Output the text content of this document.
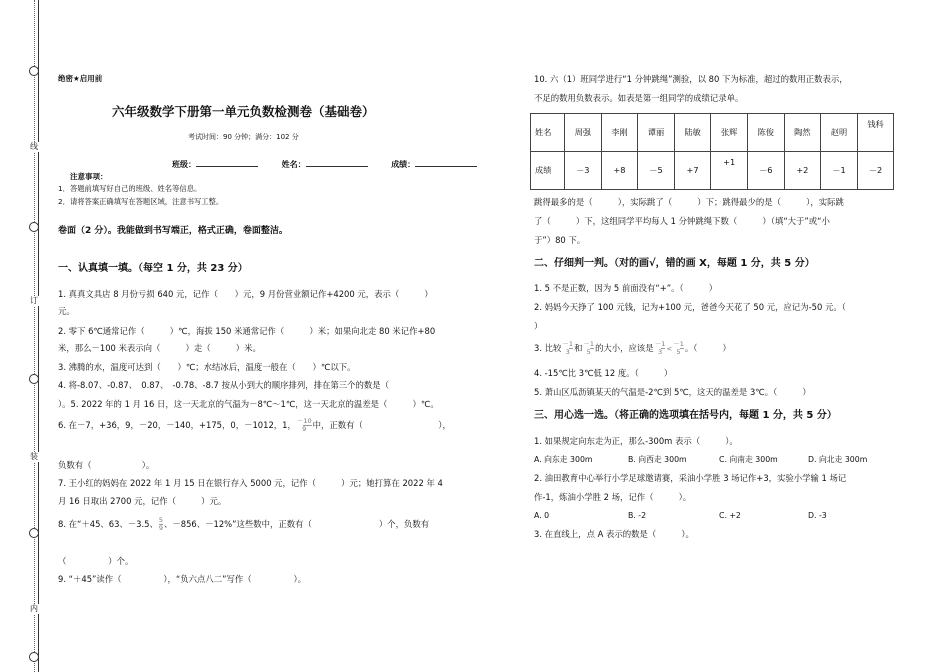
线
订
装
内
绝密★启用前
六年级数学下册第一单元负数检测卷（基础卷）
考试时间：90 分钟；满分：102 分
班级：	姓名：	成绩：
注意事项：
1．答题前填写好自己的班级、姓名等信息。
2．请将答案正确填写在答题区域，注意书写工整。
卷面（2 分）。我能做到书写端正，格式正确，卷面整洁。
一、认真填一填。（每空 1 分，共 23 分）
1. 真真文具店 8 月份亏损 640 元，记作（　　）元，9 月份营业额记作+4200 元，表示（　　　）
元。
2. 零下 6℃通常记作（　　　）℃，海拔 150 米通常记作（　　　）米；如果向北走 80 米记作+80
米，那么－100 米表示向（　　　）走（　　　）米。
3. 沸腾的水，温度可达到（　　）℃；水结冰后，温度一般在（　　）℃以下。
4. 将-8.07、-0.87、　0.87、　-0.78、-8.7 按从小到大的顺序排列，排在第三个的数是（
）。5. 2022 年的 1 月 16 日，这一天北京的气温为－8℃～1℃，这一天北京的温差是（　　　）℃。
6. 在－7，+36，9，－20，－140，+175，0，－1012，1，－10

9 中，正数有（　　　　　　　　　），
负数有（　　　　　　）。
7. 王小红的妈妈在 2022 年 1 月 15 日在银行存入 5000 元，记作（　　　）元；她打算在 2022 年 4
月 16 日取出 2700 元，记作（　　　）元。
8. 在“＋45、63、－3.5、 $\frac{5}{9}$ 、－856、－12%”这些数中，正数有（　　　　　　　　）个，负数有
（　　　　　）个。
9. “＋45”读作（　　　　　），“负六点八二”写作（　　　　　）。
10. 六（1）班同学进行“1 分钟跳绳”测验，以 80 下为标准，超过的数用正数表示，
不足的数用负数表示。如表是第一组同学的成绩记录单。
姓名	周强	李刚	谭丽	陆敏	张辉	陈俊	陶然	赵明	钱科
成绩	－3	+8	－5	+7	+1	－6	+2	－1	－2
跳得最多的是（　　　），实际跳了（　　　）下；跳得最少的是（　　　），实际跳
了（　　　）下，这组同学平均每人 1 分钟跳绳下数（　　　）（填“大于”或“小
于”）80 下。
二、仔细判一判。（对的画√，错的画 X，每题 1 分，共 5 分）
1. 5 不是正数，因为 5 前面没有“+”。（　　　）
2. 妈妈今天挣了 100 元钱，记为+100 元，爸爸今天花了 50 元，应记为-50 元。（
）
3. 比较－1

3 和－1

5 的大小，应该是－1

3 <－1

5 。（　　　）
4. -15℃比 3℃低 12 度。（　　　）
5. 萧山区瓜沥镇某天的气温是-2℃到 5℃，这天的温差是 3℃。（　　　）
三、用心选一选。（将正确的选项填在括号内，每题 1 分，共 5 分）
1. 如果规定向东走为正，那么-300m 表示（　　　）。
A. 向东走 300m	B. 向西走 300m	C. 向南走 300m	D. 向北走 300m
2. 油田教育中心举行小学足球邀请赛，采油小学胜 3 场记作+3，实验小学输 1 场记
作-1，炼油小学胜 2 场，记作（　　　）。
A. 0	B. -2	C. +2	D. -3
3. 在直线上，点 A 表示的数是（　　　）。
